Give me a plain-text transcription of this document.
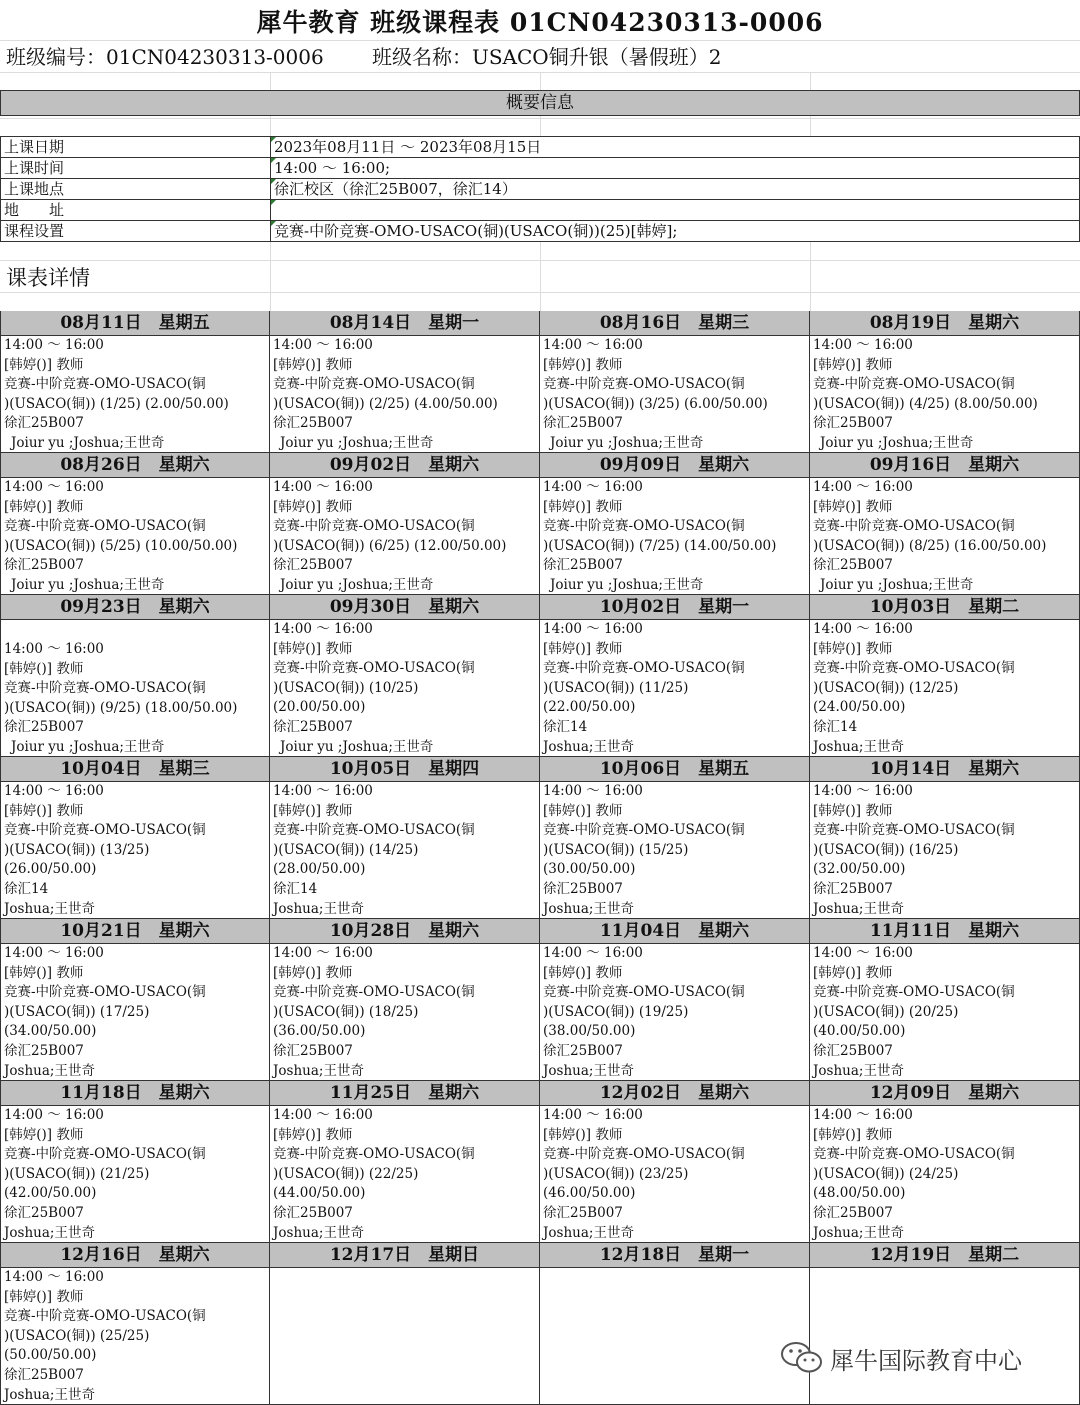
犀牛教育 班级课程表 01CN04230313-0006
班级编号：01CN04230313-0006 班级名称：USACO铜升银（暑假班）2
概要信息
上课日期	2023年08月11日 ～ 2023年08月15日
上课时间	14:00 ～ 16:00;
上课地点	徐汇校区（徐汇25B007，徐汇14）
地　　址
课程设置	竞赛-中阶竞赛-OMO-USACO(铜)(USACO(铜))(25)[韩婷];
课表详情
08月11日　星期五
14:00 ～ 16:00
[韩婷()] 教师
竞赛-中阶竞赛-OMO-USACO(铜
)(USACO(铜)) (1/25) (2.00/50.00)
徐汇25B007
Joiur yu ;Joshua;王世奇
08月14日　星期一
14:00 ～ 16:00
[韩婷()] 教师
竞赛-中阶竞赛-OMO-USACO(铜
)(USACO(铜)) (2/25) (4.00/50.00)
徐汇25B007
Joiur yu ;Joshua;王世奇
08月16日　星期三
14:00 ～ 16:00
[韩婷()] 教师
竞赛-中阶竞赛-OMO-USACO(铜
)(USACO(铜)) (3/25) (6.00/50.00)
徐汇25B007
Joiur yu ;Joshua;王世奇
08月19日　星期六
14:00 ～ 16:00
[韩婷()] 教师
竞赛-中阶竞赛-OMO-USACO(铜
)(USACO(铜)) (4/25) (8.00/50.00)
徐汇25B007
Joiur yu ;Joshua;王世奇
08月26日　星期六
14:00 ～ 16:00
[韩婷()] 教师
竞赛-中阶竞赛-OMO-USACO(铜
)(USACO(铜)) (5/25) (10.00/50.00)
徐汇25B007
Joiur yu ;Joshua;王世奇
09月02日　星期六
14:00 ～ 16:00
[韩婷()] 教师
竞赛-中阶竞赛-OMO-USACO(铜
)(USACO(铜)) (6/25) (12.00/50.00)
徐汇25B007
Joiur yu ;Joshua;王世奇
09月09日　星期六
14:00 ～ 16:00
[韩婷()] 教师
竞赛-中阶竞赛-OMO-USACO(铜
)(USACO(铜)) (7/25) (14.00/50.00)
徐汇25B007
Joiur yu ;Joshua;王世奇
09月16日　星期六
14:00 ～ 16:00
[韩婷()] 教师
竞赛-中阶竞赛-OMO-USACO(铜
)(USACO(铜)) (8/25) (16.00/50.00)
徐汇25B007
Joiur yu ;Joshua;王世奇
09月23日　星期六
14:00 ～ 16:00
[韩婷()] 教师
竞赛-中阶竞赛-OMO-USACO(铜
)(USACO(铜)) (9/25) (18.00/50.00)
徐汇25B007
Joiur yu ;Joshua;王世奇
09月30日　星期六
14:00 ～ 16:00
[韩婷()] 教师
竞赛-中阶竞赛-OMO-USACO(铜
)(USACO(铜)) (10/25)
(20.00/50.00)
徐汇25B007
Joiur yu ;Joshua;王世奇
10月02日　星期一
14:00 ～ 16:00
[韩婷()] 教师
竞赛-中阶竞赛-OMO-USACO(铜
)(USACO(铜)) (11/25)
(22.00/50.00)
徐汇14
Joshua;王世奇
10月03日　星期二
14:00 ～ 16:00
[韩婷()] 教师
竞赛-中阶竞赛-OMO-USACO(铜
)(USACO(铜)) (12/25)
(24.00/50.00)
徐汇14
Joshua;王世奇
10月04日　星期三
14:00 ～ 16:00
[韩婷()] 教师
竞赛-中阶竞赛-OMO-USACO(铜
)(USACO(铜)) (13/25)
(26.00/50.00)
徐汇14
Joshua;王世奇
10月05日　星期四
14:00 ～ 16:00
[韩婷()] 教师
竞赛-中阶竞赛-OMO-USACO(铜
)(USACO(铜)) (14/25)
(28.00/50.00)
徐汇14
Joshua;王世奇
10月06日　星期五
14:00 ～ 16:00
[韩婷()] 教师
竞赛-中阶竞赛-OMO-USACO(铜
)(USACO(铜)) (15/25)
(30.00/50.00)
徐汇25B007
Joshua;王世奇
10月14日　星期六
14:00 ～ 16:00
[韩婷()] 教师
竞赛-中阶竞赛-OMO-USACO(铜
)(USACO(铜)) (16/25)
(32.00/50.00)
徐汇25B007
Joshua;王世奇
10月21日　星期六
14:00 ～ 16:00
[韩婷()] 教师
竞赛-中阶竞赛-OMO-USACO(铜
)(USACO(铜)) (17/25)
(34.00/50.00)
徐汇25B007
Joshua;王世奇
10月28日　星期六
14:00 ～ 16:00
[韩婷()] 教师
竞赛-中阶竞赛-OMO-USACO(铜
)(USACO(铜)) (18/25)
(36.00/50.00)
徐汇25B007
Joshua;王世奇
11月04日　星期六
14:00 ～ 16:00
[韩婷()] 教师
竞赛-中阶竞赛-OMO-USACO(铜
)(USACO(铜)) (19/25)
(38.00/50.00)
徐汇25B007
Joshua;王世奇
11月11日　星期六
14:00 ～ 16:00
[韩婷()] 教师
竞赛-中阶竞赛-OMO-USACO(铜
)(USACO(铜)) (20/25)
(40.00/50.00)
徐汇25B007
Joshua;王世奇
11月18日　星期六
14:00 ～ 16:00
[韩婷()] 教师
竞赛-中阶竞赛-OMO-USACO(铜
)(USACO(铜)) (21/25)
(42.00/50.00)
徐汇25B007
Joshua;王世奇
11月25日　星期六
14:00 ～ 16:00
[韩婷()] 教师
竞赛-中阶竞赛-OMO-USACO(铜
)(USACO(铜)) (22/25)
(44.00/50.00)
徐汇25B007
Joshua;王世奇
12月02日　星期六
14:00 ～ 16:00
[韩婷()] 教师
竞赛-中阶竞赛-OMO-USACO(铜
)(USACO(铜)) (23/25)
(46.00/50.00)
徐汇25B007
Joshua;王世奇
12月09日　星期六
14:00 ～ 16:00
[韩婷()] 教师
竞赛-中阶竞赛-OMO-USACO(铜
)(USACO(铜)) (24/25)
(48.00/50.00)
徐汇25B007
Joshua;王世奇
12月16日　星期六
14:00 ～ 16:00
[韩婷()] 教师
竞赛-中阶竞赛-OMO-USACO(铜
)(USACO(铜)) (25/25)
(50.00/50.00)
徐汇25B007
Joshua;王世奇
12月17日　星期日	12月18日　星期一	12月19日　星期二
犀牛国际教育中心
